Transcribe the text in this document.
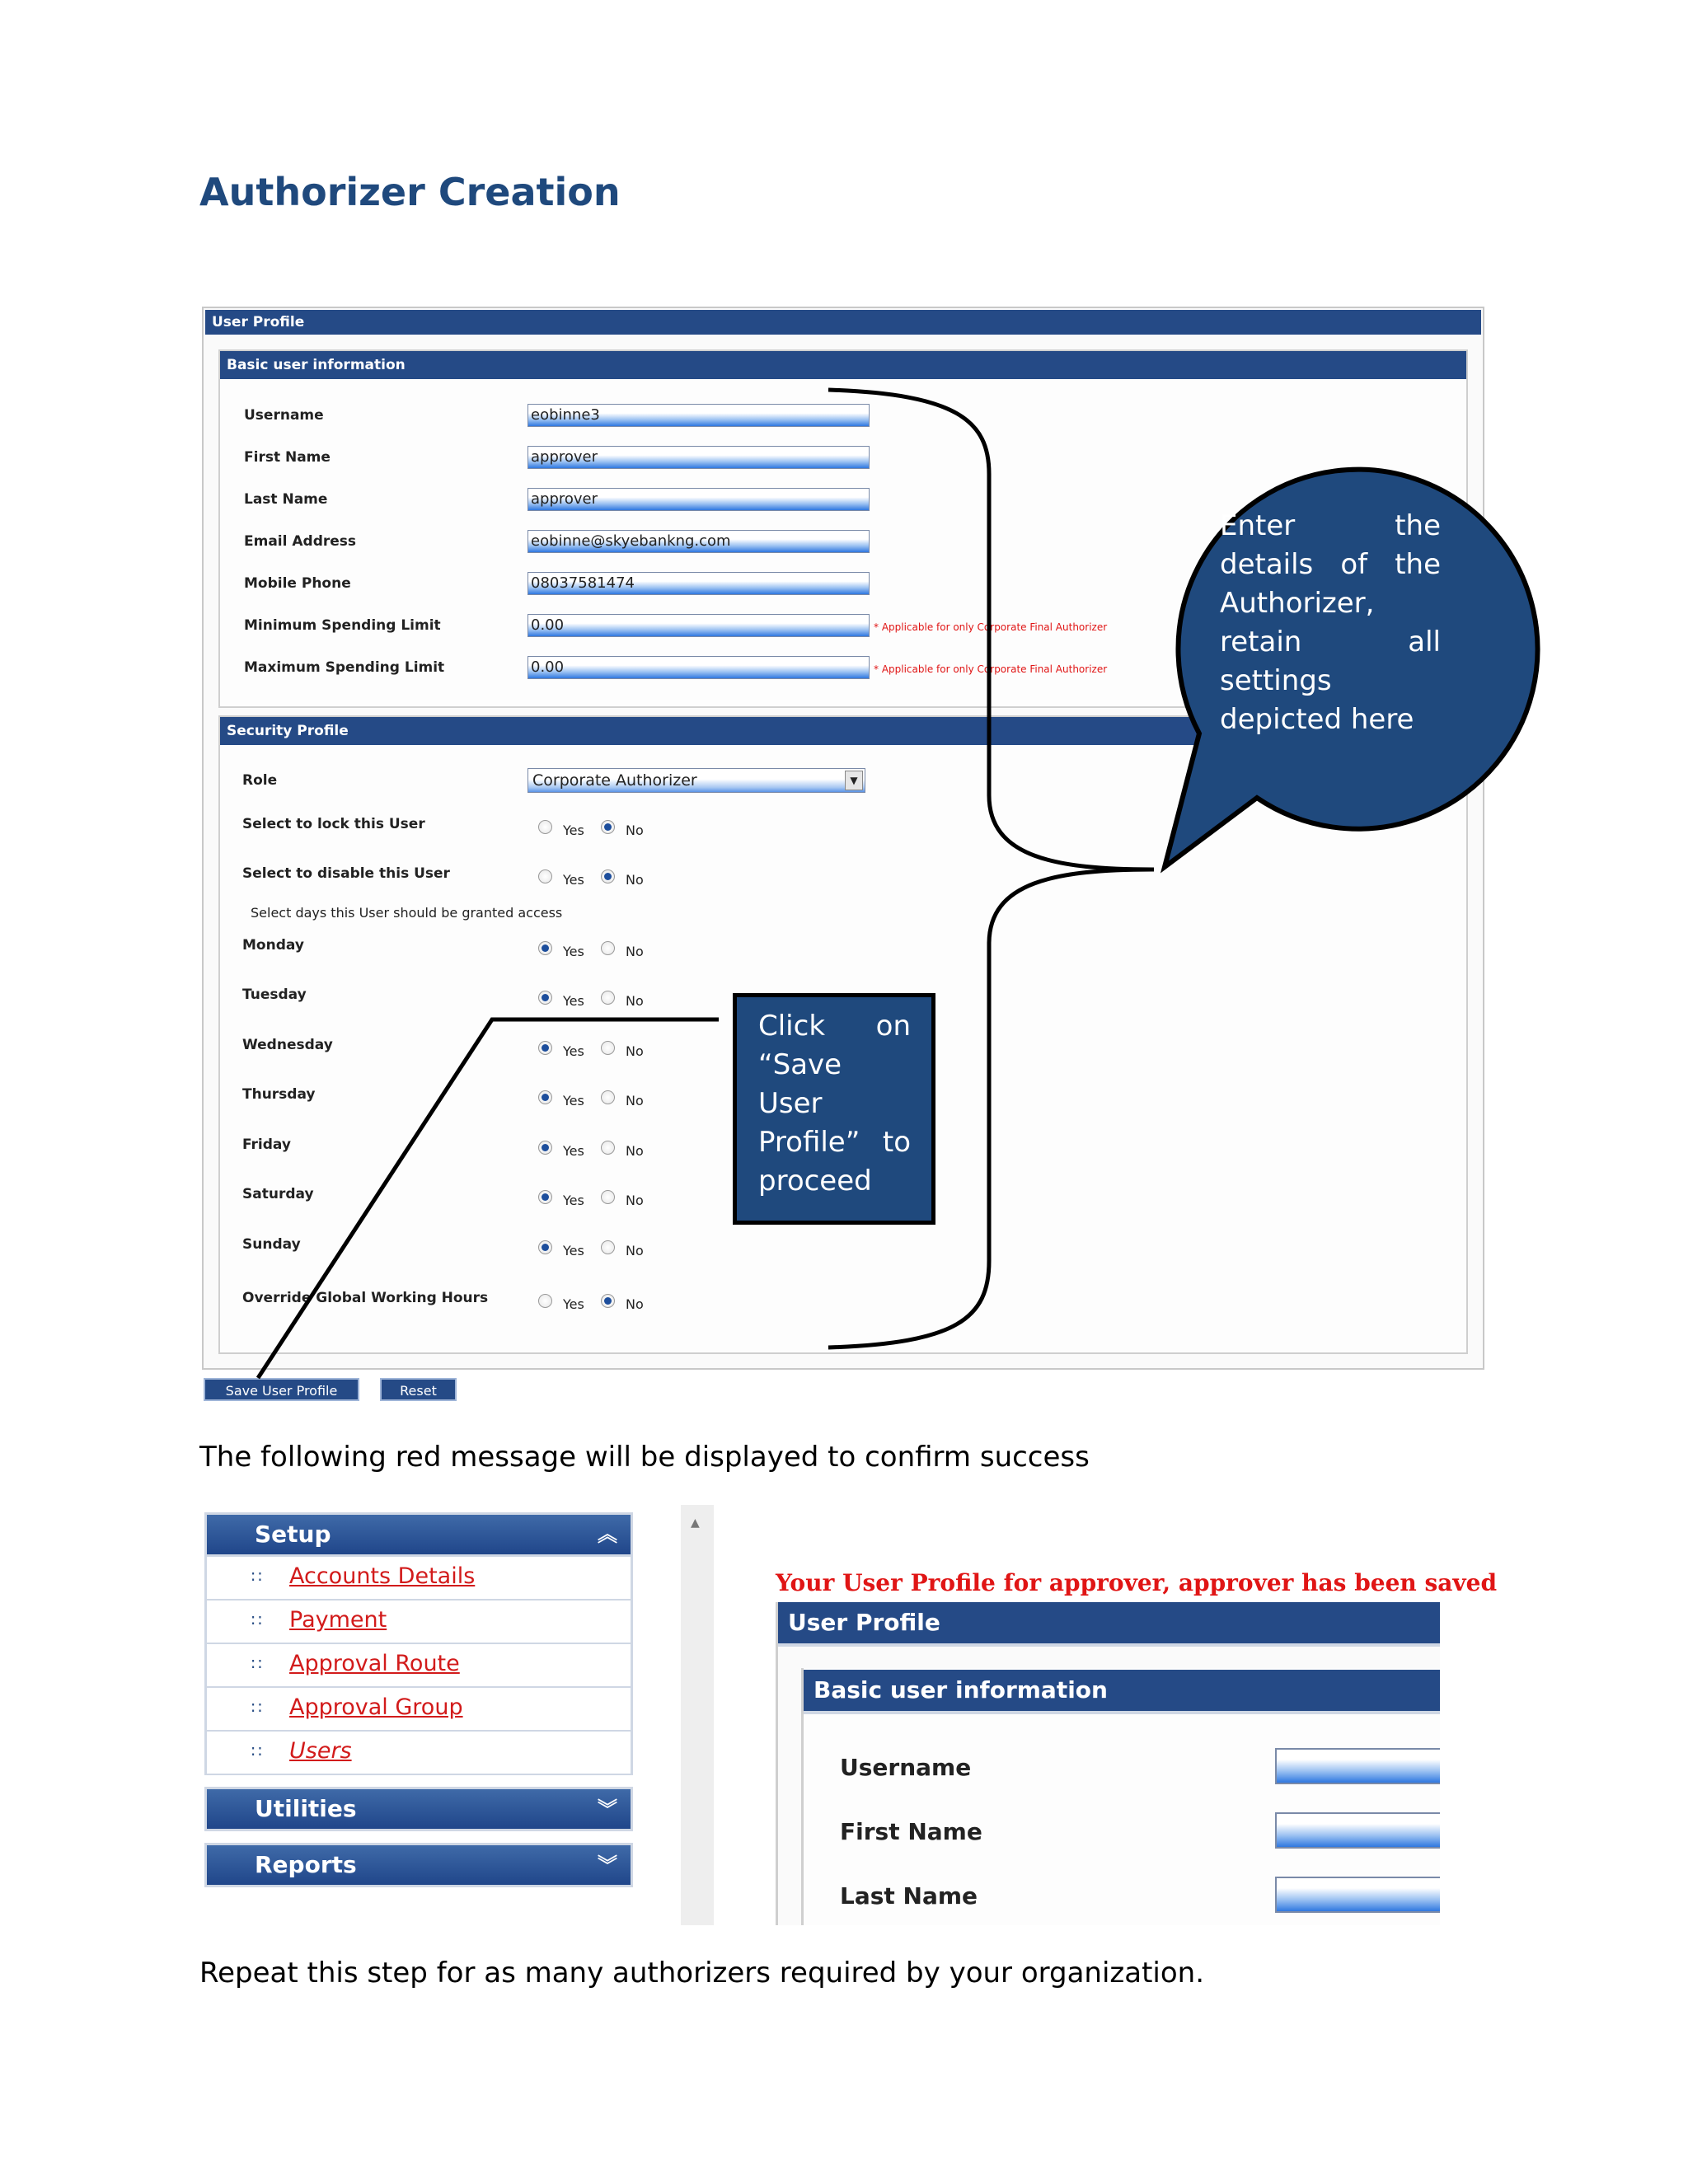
Authorizer Creation
User Profile
Basic user information
Security Profile
Username	eobinne3
First Name	approver
Last Name	approver
Email Address	eobinne@skyebankng.com
Mobile Phone	08037581474
Minimum Spending Limit	0.00	* Applicable for only Corporate Final Authorizer
Maximum Spending Limit	0.00	* Applicable for only Corporate Final Authorizer
Role	Corporate Authorizer	▼
Select to lock this User	Yes	No
Select to disable this User	Yes	No
Select days this User should be granted access
Monday	Yes	No
Tuesday	Yes	No
Wednesday	Yes	No
Thursday	Yes	No
Friday	Yes	No
Saturday	Yes	No
Sunday	Yes	No
Override Global Working Hours	Yes	No
Save User Profile	Reset
Enter the details of the Authorizer, retain all settings depicted here
Click on “Save User Profile” to proceed
The following red message will be displayed to confirm success
Setup	︽
∷ Accounts Details
∷ Payment
∷ Approval Route
∷ Approval Group
∷ Users
Utilities	︾
Reports	︾
▲
Your User Profile for approver, approver has been saved
User Profile
Basic user information
Username
First Name
Last Name
Repeat this step for as many authorizers required by your organization.
